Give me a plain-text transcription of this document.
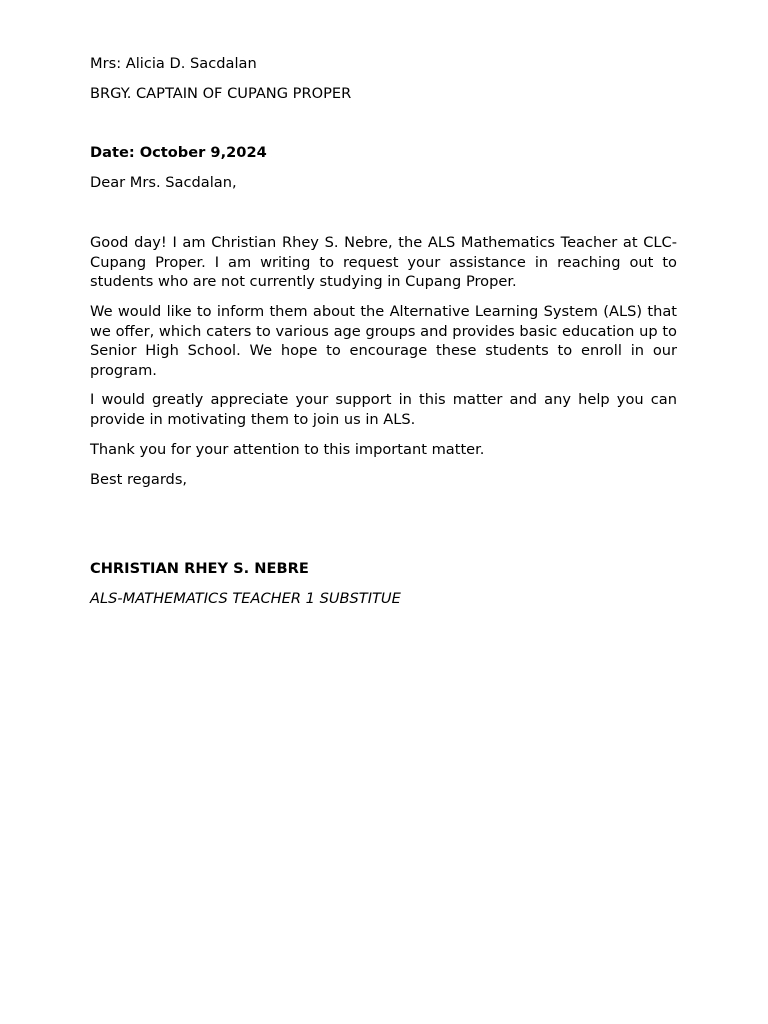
Mrs: Alicia D. Sacdalan
BRGY. CAPTAIN OF CUPANG PROPER
Date: October 9,2024
Dear Mrs. Sacdalan,
Good day! I am Christian Rhey S. Nebre, the ALS Mathematics Teacher at CLC-Cupang Proper. I am writing to request your assistance in reaching out to students who are not currently studying in Cupang Proper.
We would like to inform them about the Alternative Learning System (ALS) that we offer, which caters to various age groups and provides basic education up to Senior High School. We hope to encourage these students to enroll in our program.
I would greatly appreciate your support in this matter and any help you can provide in motivating them to join us in ALS.
Thank you for your attention to this important matter.
Best regards,
CHRISTIAN RHEY S. NEBRE
ALS-MATHEMATICS TEACHER 1 SUBSTITUE
